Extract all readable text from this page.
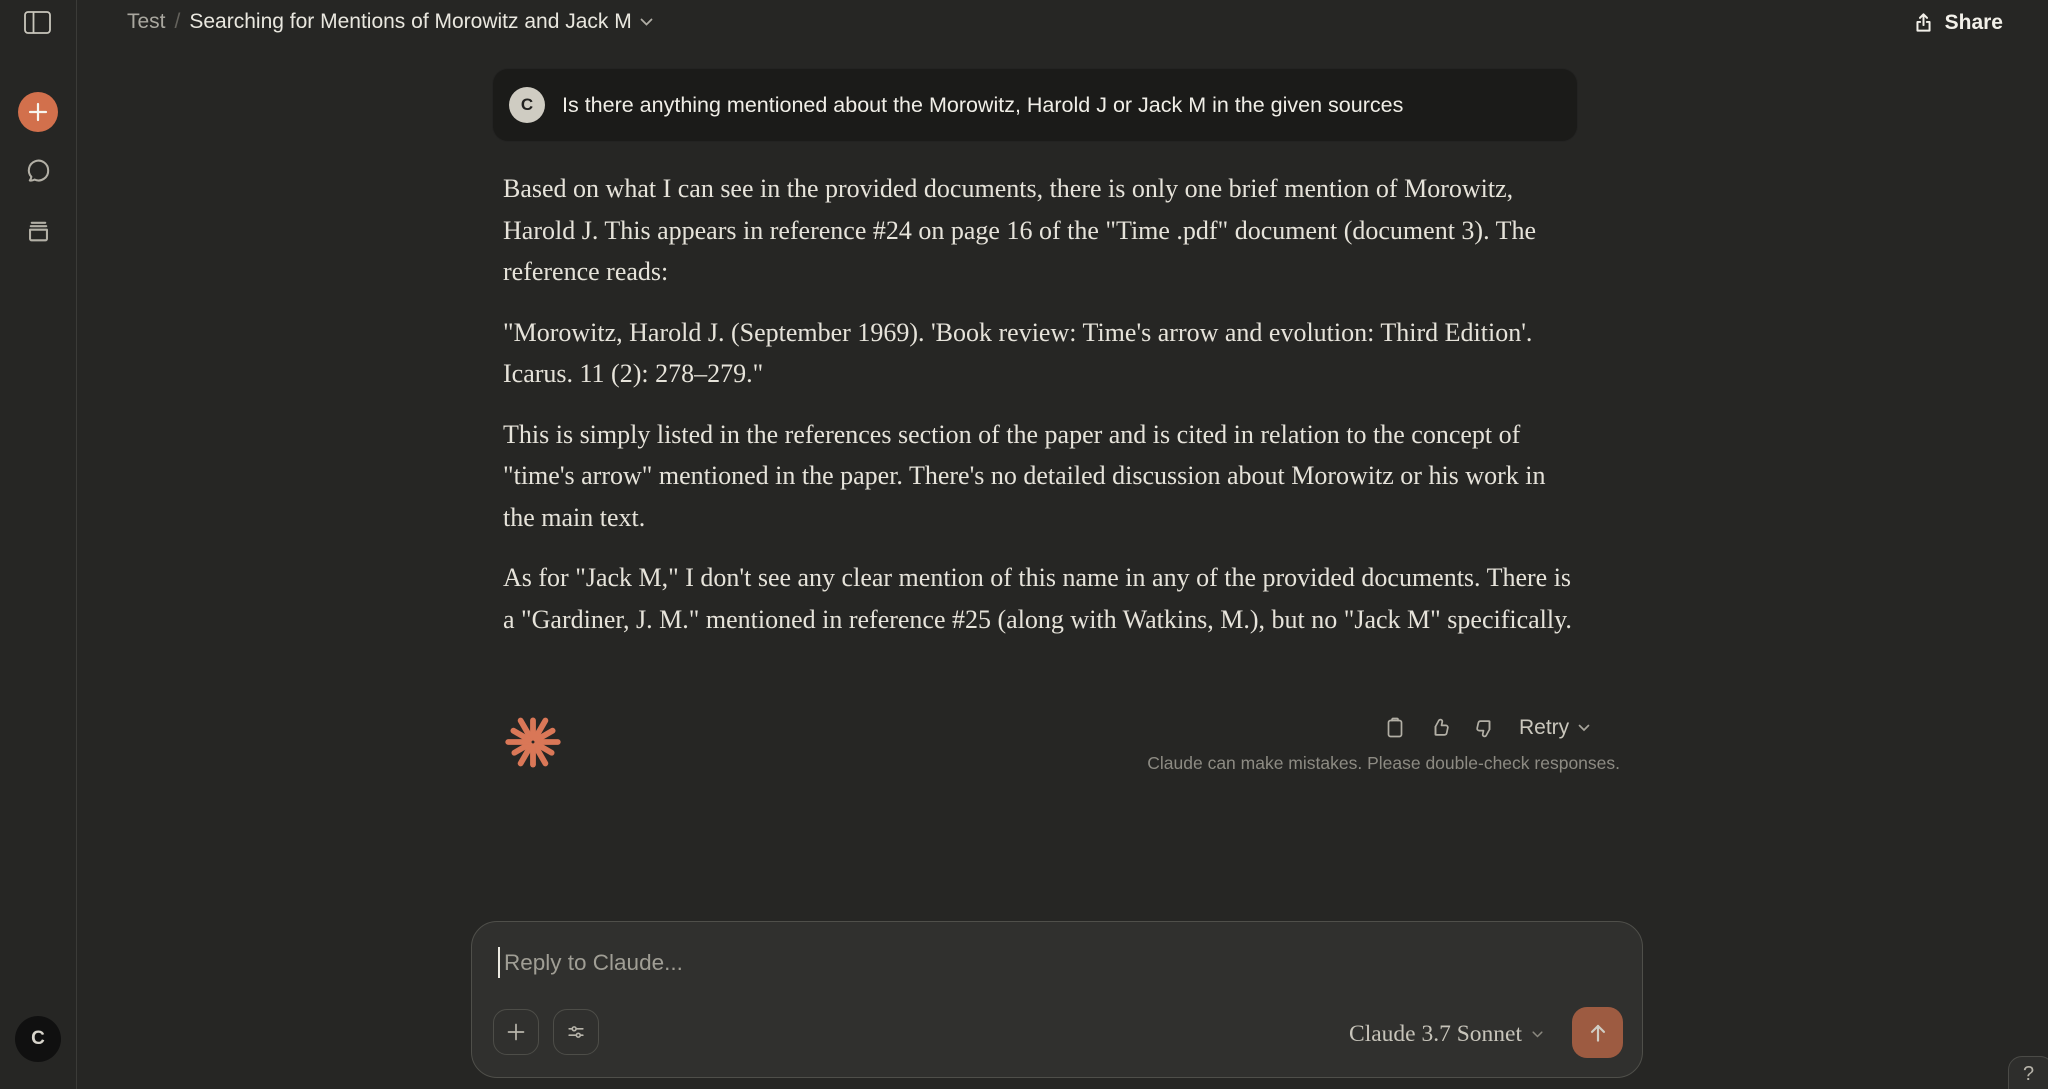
C
Test / Searching for Mentions of Morowitz and Jack M	Share
C Is there anything mentioned about the Morowitz, Harold J or Jack M in the given sources

Based on what I can see in the provided documents, there is only one brief mention of Morowitz, Harold J. This appears in reference #24 on page 16 of the "Time .pdf" document (document 3). The reference reads:

"Morowitz, Harold J. (September 1969). 'Book review: Time's arrow and evolution: Third Edition'. Icarus. 11 (2): 278–279."

This is simply listed in the references section of the paper and is cited in relation to the concept of "time's arrow" mentioned in the paper. There's no detailed discussion about Morowitz or his work in the main text.

As for "Jack M," I don't see any clear mention of this name in any of the provided documents. There is a "Gardiner, J. M." mentioned in reference #25 (along with Watkins, M.), but no "Jack M" specifically.

Retry
Claude can make mistakes. Please double-check responses.
Reply to Claude...
Claude 3.7 Sonnet
?
